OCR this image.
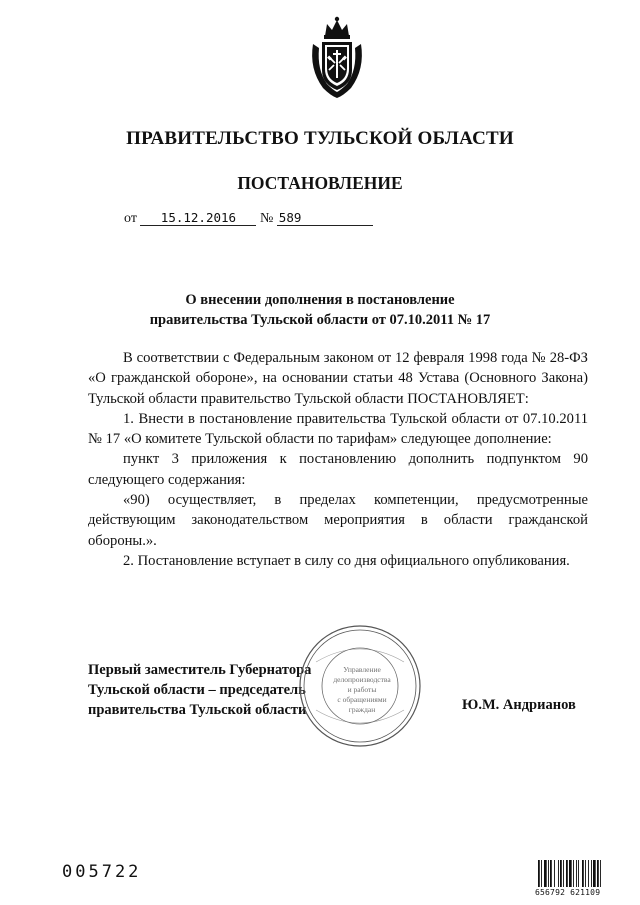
ПРАВИТЕЛЬСТВО ТУЛЬСКОЙ ОБЛАСТИ
ПОСТАНОВЛЕНИЕ
от 15.12.2016 № 589
О внесении дополнения в постановление
правительства Тульской области от 07.10.2011 № 17

В соответствии с Федеральным законом от 12 февраля 1998 года № 28-ФЗ «О гражданской обороне», на основании статьи 48 Устава (Основного Закона) Тульской области правительство Тульской области ПОСТАНОВЛЯЕТ:

1. Внести в постановление правительства Тульской области от 07.10.2011 № 17 «О комитете Тульской области по тарифам» следующее дополнение:

пункт 3 приложения к постановлению дополнить подпунктом 90 следующего содержания:

«90) осуществляет, в пределах компетенции, предусмотренные действующим законодательством мероприятия в области гражданской обороны.».

2. Постановление вступает в силу со дня официального опубликования.

Первый заместитель Губернатора
Тульской области – председатель
правительства Тульской области	Ю.М. Андрианов
Управление
делопроизводства
и работы
с обращениями
граждан
005722
656792 621109
